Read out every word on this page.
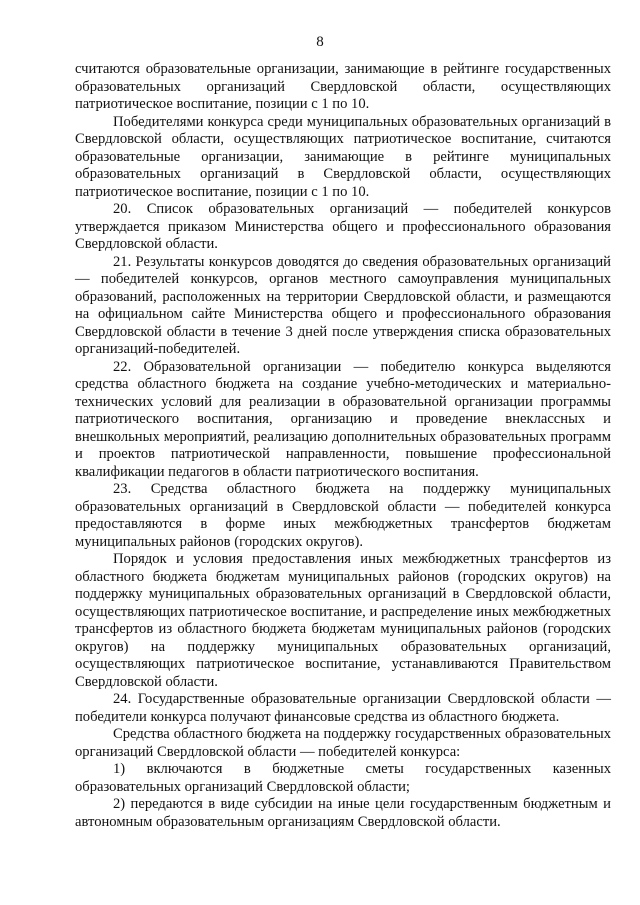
8

считаются образовательные организации, занимающие в рейтинге государственных образовательных организаций Свердловской области, осуществляющих патриотическое воспитание, позиции с 1 по 10.

Победителями конкурса среди муниципальных образовательных организаций в Свердловской области, осуществляющих патриотическое воспитание, считаются образовательные организации, занимающие в рейтинге муниципальных образовательных организаций в Свердловской области, осуществляющих патриотическое воспитание, позиции с 1 по 10.

20. Список образовательных организаций — победителей конкурсов утверждается приказом Министерства общего и профессионального образования Свердловской области.

21. Результаты конкурсов доводятся до сведения образовательных организаций — победителей конкурсов, органов местного самоуправления муниципальных образований, расположенных на территории Свердловской области, и размещаются на официальном сайте Министерства общего и профессионального образования Свердловской области в течение 3 дней после утверждения списка образовательных организаций-победителей.

22. Образовательной организации — победителю конкурса выделяются средства областного бюджета на создание учебно-методических и материально-технических условий для реализации в образовательной организации программы патриотического воспитания, организацию и проведение внеклассных и внешкольных мероприятий, реализацию дополнительных образовательных программ и проектов патриотической направленности, повышение профессиональной квалификации педагогов в области патриотического воспитания.

23. Средства областного бюджета на поддержку муниципальных образовательных организаций в Свердловской области — победителей конкурса предоставляются в форме иных межбюджетных трансфертов бюджетам муниципальных районов (городских округов).

Порядок и условия предоставления иных межбюджетных трансфертов из областного бюджета бюджетам муниципальных районов (городских округов) на поддержку муниципальных образовательных организаций в Свердловской области, осуществляющих патриотическое воспитание, и распределение иных межбюджетных трансфертов из областного бюджета бюджетам муниципальных районов (городских округов) на поддержку муниципальных образовательных организаций, осуществляющих патриотическое воспитание, устанавливаются Правительством Свердловской области.

24. Государственные образовательные организации Свердловской области — победители конкурса получают финансовые средства из областного бюджета.

Средства областного бюджета на поддержку государственных образовательных организаций Свердловской области — победителей конкурса:

1) включаются в бюджетные сметы государственных казенных образовательных организаций Свердловской области;

2) передаются в виде субсидии на иные цели государственным бюджетным и автономным образовательным организациям Свердловской области.
